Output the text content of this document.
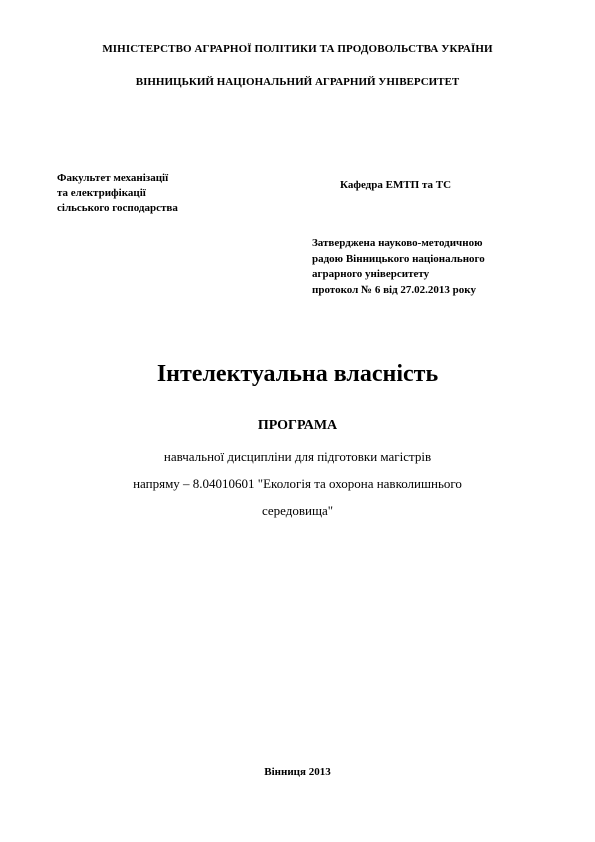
МІНІСТЕРСТВО АГРАРНОЇ ПОЛІТИКИ ТА ПРОДОВОЛЬСТВА УКРАЇНИ
ВІННИЦЬКИЙ НАЦІОНАЛЬНИЙ АГРАРНИЙ УНІВЕРСИТЕТ
Факультет механізації
та електрифікації
сільського господарства
Кафедра ЕМТП та ТС
Затверджена науково-методичною
радою Вінницького національного
аграрного університету
протокол № 6 від 27.02.2013 року
Інтелектуальна власність
ПРОГРАМА
навчальної дисципліни для підготовки магістрів
напряму – 8.04010601 "Екологія та охорона навколишнього
середовища"
Вінниця 2013
